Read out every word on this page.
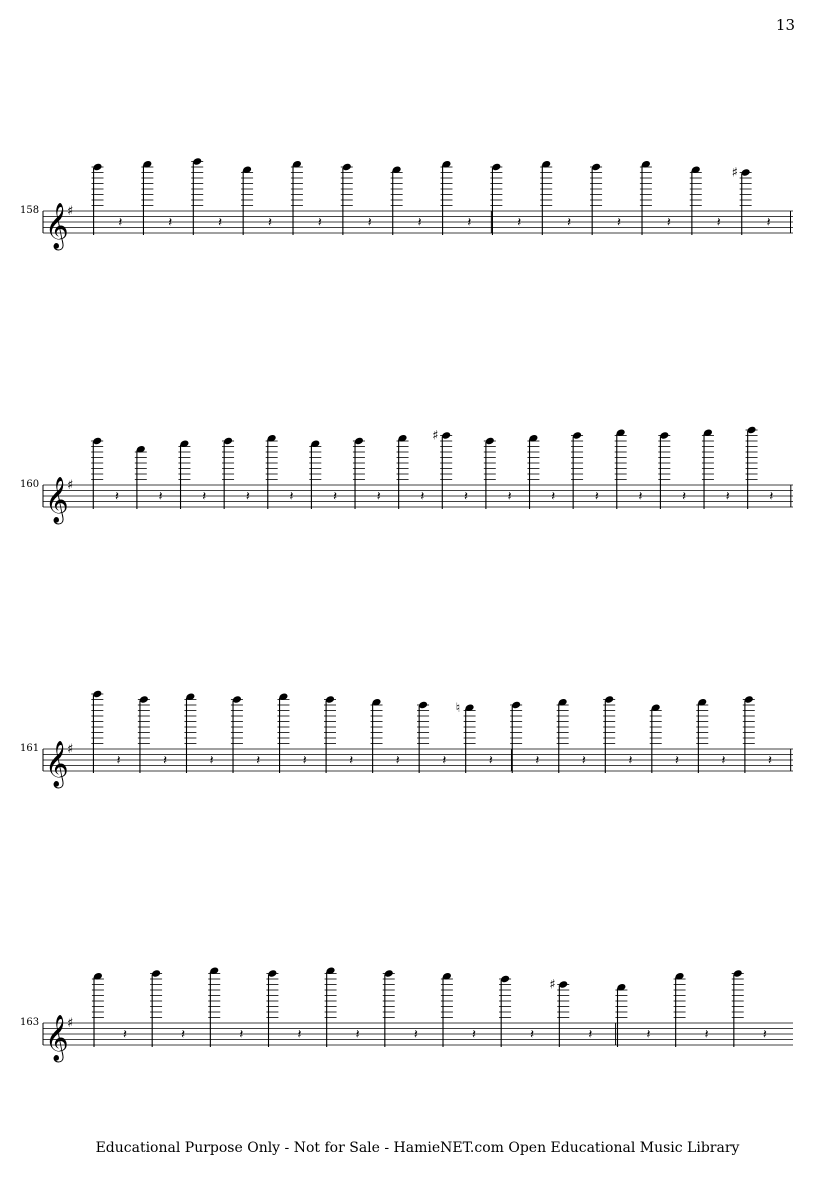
13
𝄞
♯
𝄽	𝄽	𝄽	𝄽	𝄽	𝄽	𝄽	𝄽	𝄽	𝄽	𝄽	𝄽	𝄽
♯
𝄽
𝄞
♯
𝄽	𝄽	𝄽	𝄽	𝄽	𝄽	𝄽	𝄽
♯
𝄽	𝄽	𝄽	𝄽	𝄽	𝄽	𝄽	𝄽
𝄞
♯
𝄽	𝄽	𝄽	𝄽	𝄽	𝄽	𝄽	𝄽
♮
𝄽	𝄽	𝄽	𝄽	𝄽	𝄽	𝄽
𝄞
♯
𝄽	𝄽	𝄽	𝄽	𝄽	𝄽	𝄽	𝄽
♯
𝄽	𝄽	𝄽	𝄽
Educational Purpose Only - Not for Sale - HamieNET.com Open Educational Music Library
158
160
161
163
